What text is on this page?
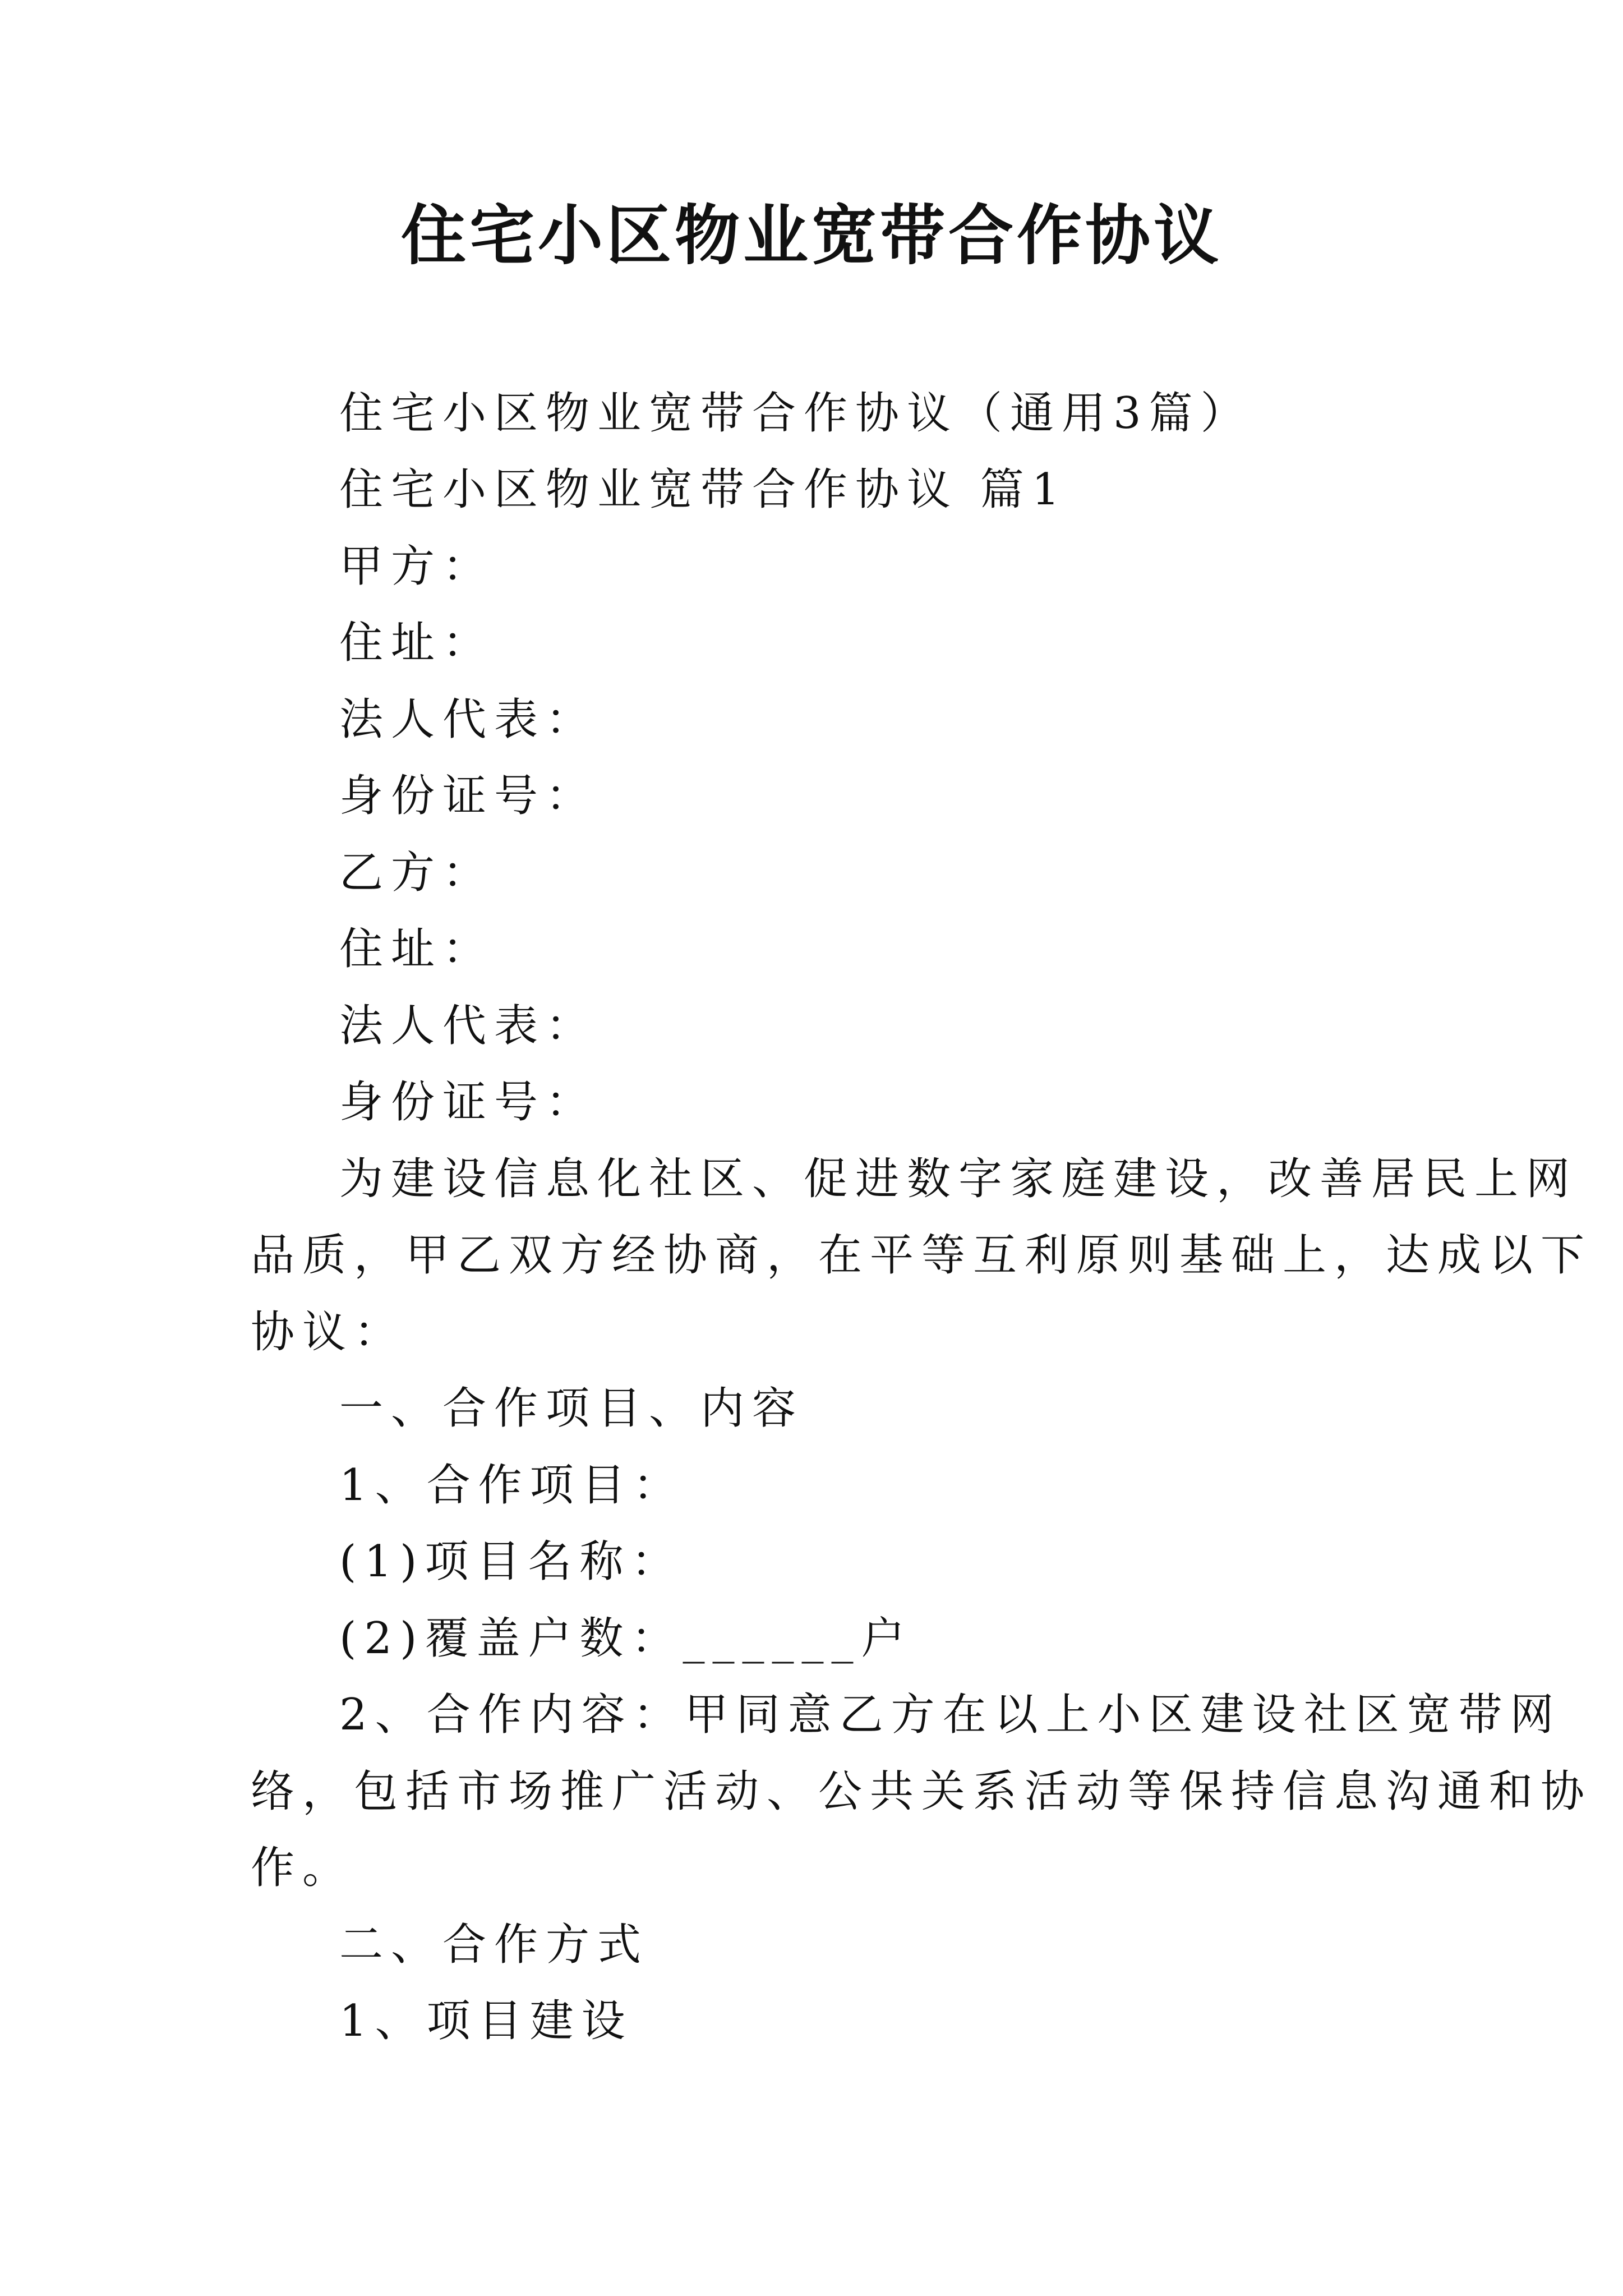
住宅小区物业宽带合作协议
住宅小区物业宽带合作协议（通用3篇）
住宅小区物业宽带合作协议 篇1
甲方：
住址：
法人代表：
身份证号：
乙方：
住址：
法人代表：
身份证号：
为建设信息化社区、促进数字家庭建设，改善居民上网
品质，甲乙双方经协商，在平等互利原则基础上，达成以下
协议：
一、合作项目、内容
1、合作项目：
(1)项目名称：
(2)覆盖户数：______户
2、合作内容：甲同意乙方在以上小区建设社区宽带网
络，包括市场推广活动、公共关系活动等保持信息沟通和协
作。
二、合作方式
1、项目建设
